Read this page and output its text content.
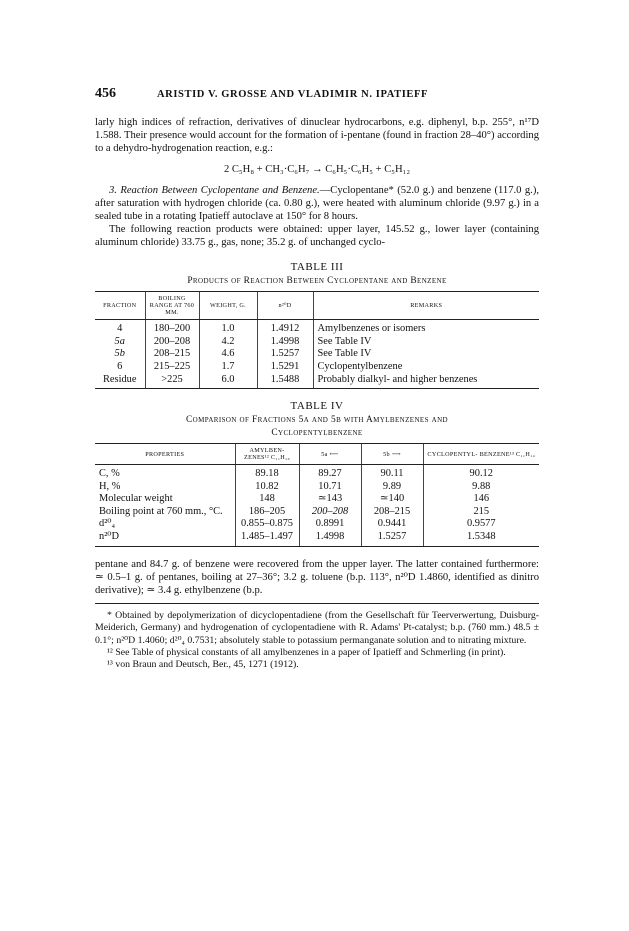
456	ARISTID V. GROSSE AND VLADIMIR N. IPATIEFF

larly high indices of refraction, derivatives of dinuclear hydrocarbons, e.g. diphenyl, b.p. 255°, n¹⁷D 1.588. Their presence would account for the formation of i-pentane (found in fraction 28–40°) according to a dehydro-hydrogenation reaction, e.g.:

2 C₅H₈ + CH₃·C₆H₇ → C₆H₅·C₆H₅ + C₅H₁₂

3. Reaction Between Cyclopentane and Benzene.—Cyclopentane* (52.0 g.) and benzene (117.0 g.), after saturation with hydrogen chloride (ca. 0.80 g.), were heated with aluminum chloride (9.97 g.) in a sealed tube in a rotating Ipatieff autoclave at 150° for 8 hours.

The following reaction products were obtained: upper layer, 145.52 g., lower layer (containing aluminum chloride) 33.75 g., gas, none; 35.2 g. of unchanged cyclo-

TABLE III
Products of Reaction Between Cyclopentane and Benzene
FRACTION	BOILING RANGE AT 760 MM.	WEIGHT, G.	n²⁰D	REMARKS
4	180–200	1.0	1.4912	Amylbenzenes or isomers
5a	200–208	4.2	1.4998	See Table IV
5b	208–215	4.6	1.5257	See Table IV
6	215–225	1.7	1.5291	Cyclopentylbenzene
Residue	>225	6.0	1.5488	Probably dialkyl- and higher benzenes
TABLE IV
Comparison of Fractions 5a and 5b with Amylbenzenes and
Cyclopentylbenzene
PROPERTIES	AMYLBEN- ZENES¹² C₁₁H₁₆	5a ⟵	5b ⟶	CYCLOPENTYL- BENZENE¹³ C₁₁H₁₄
C, %	89.18	89.27	90.11	90.12
H, %	10.82	10.71	9.89	9.88
Molecular weight	148	≃143	≃140	146
Boiling point at 760 mm., °C.	186–205	200–208	208–215	215
d²⁰₄	0.855–0.875	0.8991	0.9441	0.9577
n²⁰D	1.485–1.497	1.4998	1.5257	1.5348

pentane and 84.7 g. of benzene were recovered from the upper layer. The latter contained furthermore: ≃ 0.5–1 g. of pentanes, boiling at 27–36°; 3.2 g. toluene (b.p. 113°, n²⁰D 1.4860, identified as dinitro derivative); ≃ 3.4 g. ethylbenzene (b.p.

* Obtained by depolymerization of dicyclopentadiene (from the Gesellschaft für Teerverwertung, Duisburg-Meiderich, Germany) and hydrogenation of cyclopentadiene with R. Adams' Pt-catalyst; b.p. (760 mm.) 48.5 ± 0.1°; n²⁰D 1.4060; d²⁰₄ 0.7531; absolutely stable to potassium permanganate solution and to nitrating mixture.

¹² See Table of physical constants of all amylbenzenes in a paper of Ipatieff and Schmerling (in print).

¹³ von Braun and Deutsch, Ber., 45, 1271 (1912).
